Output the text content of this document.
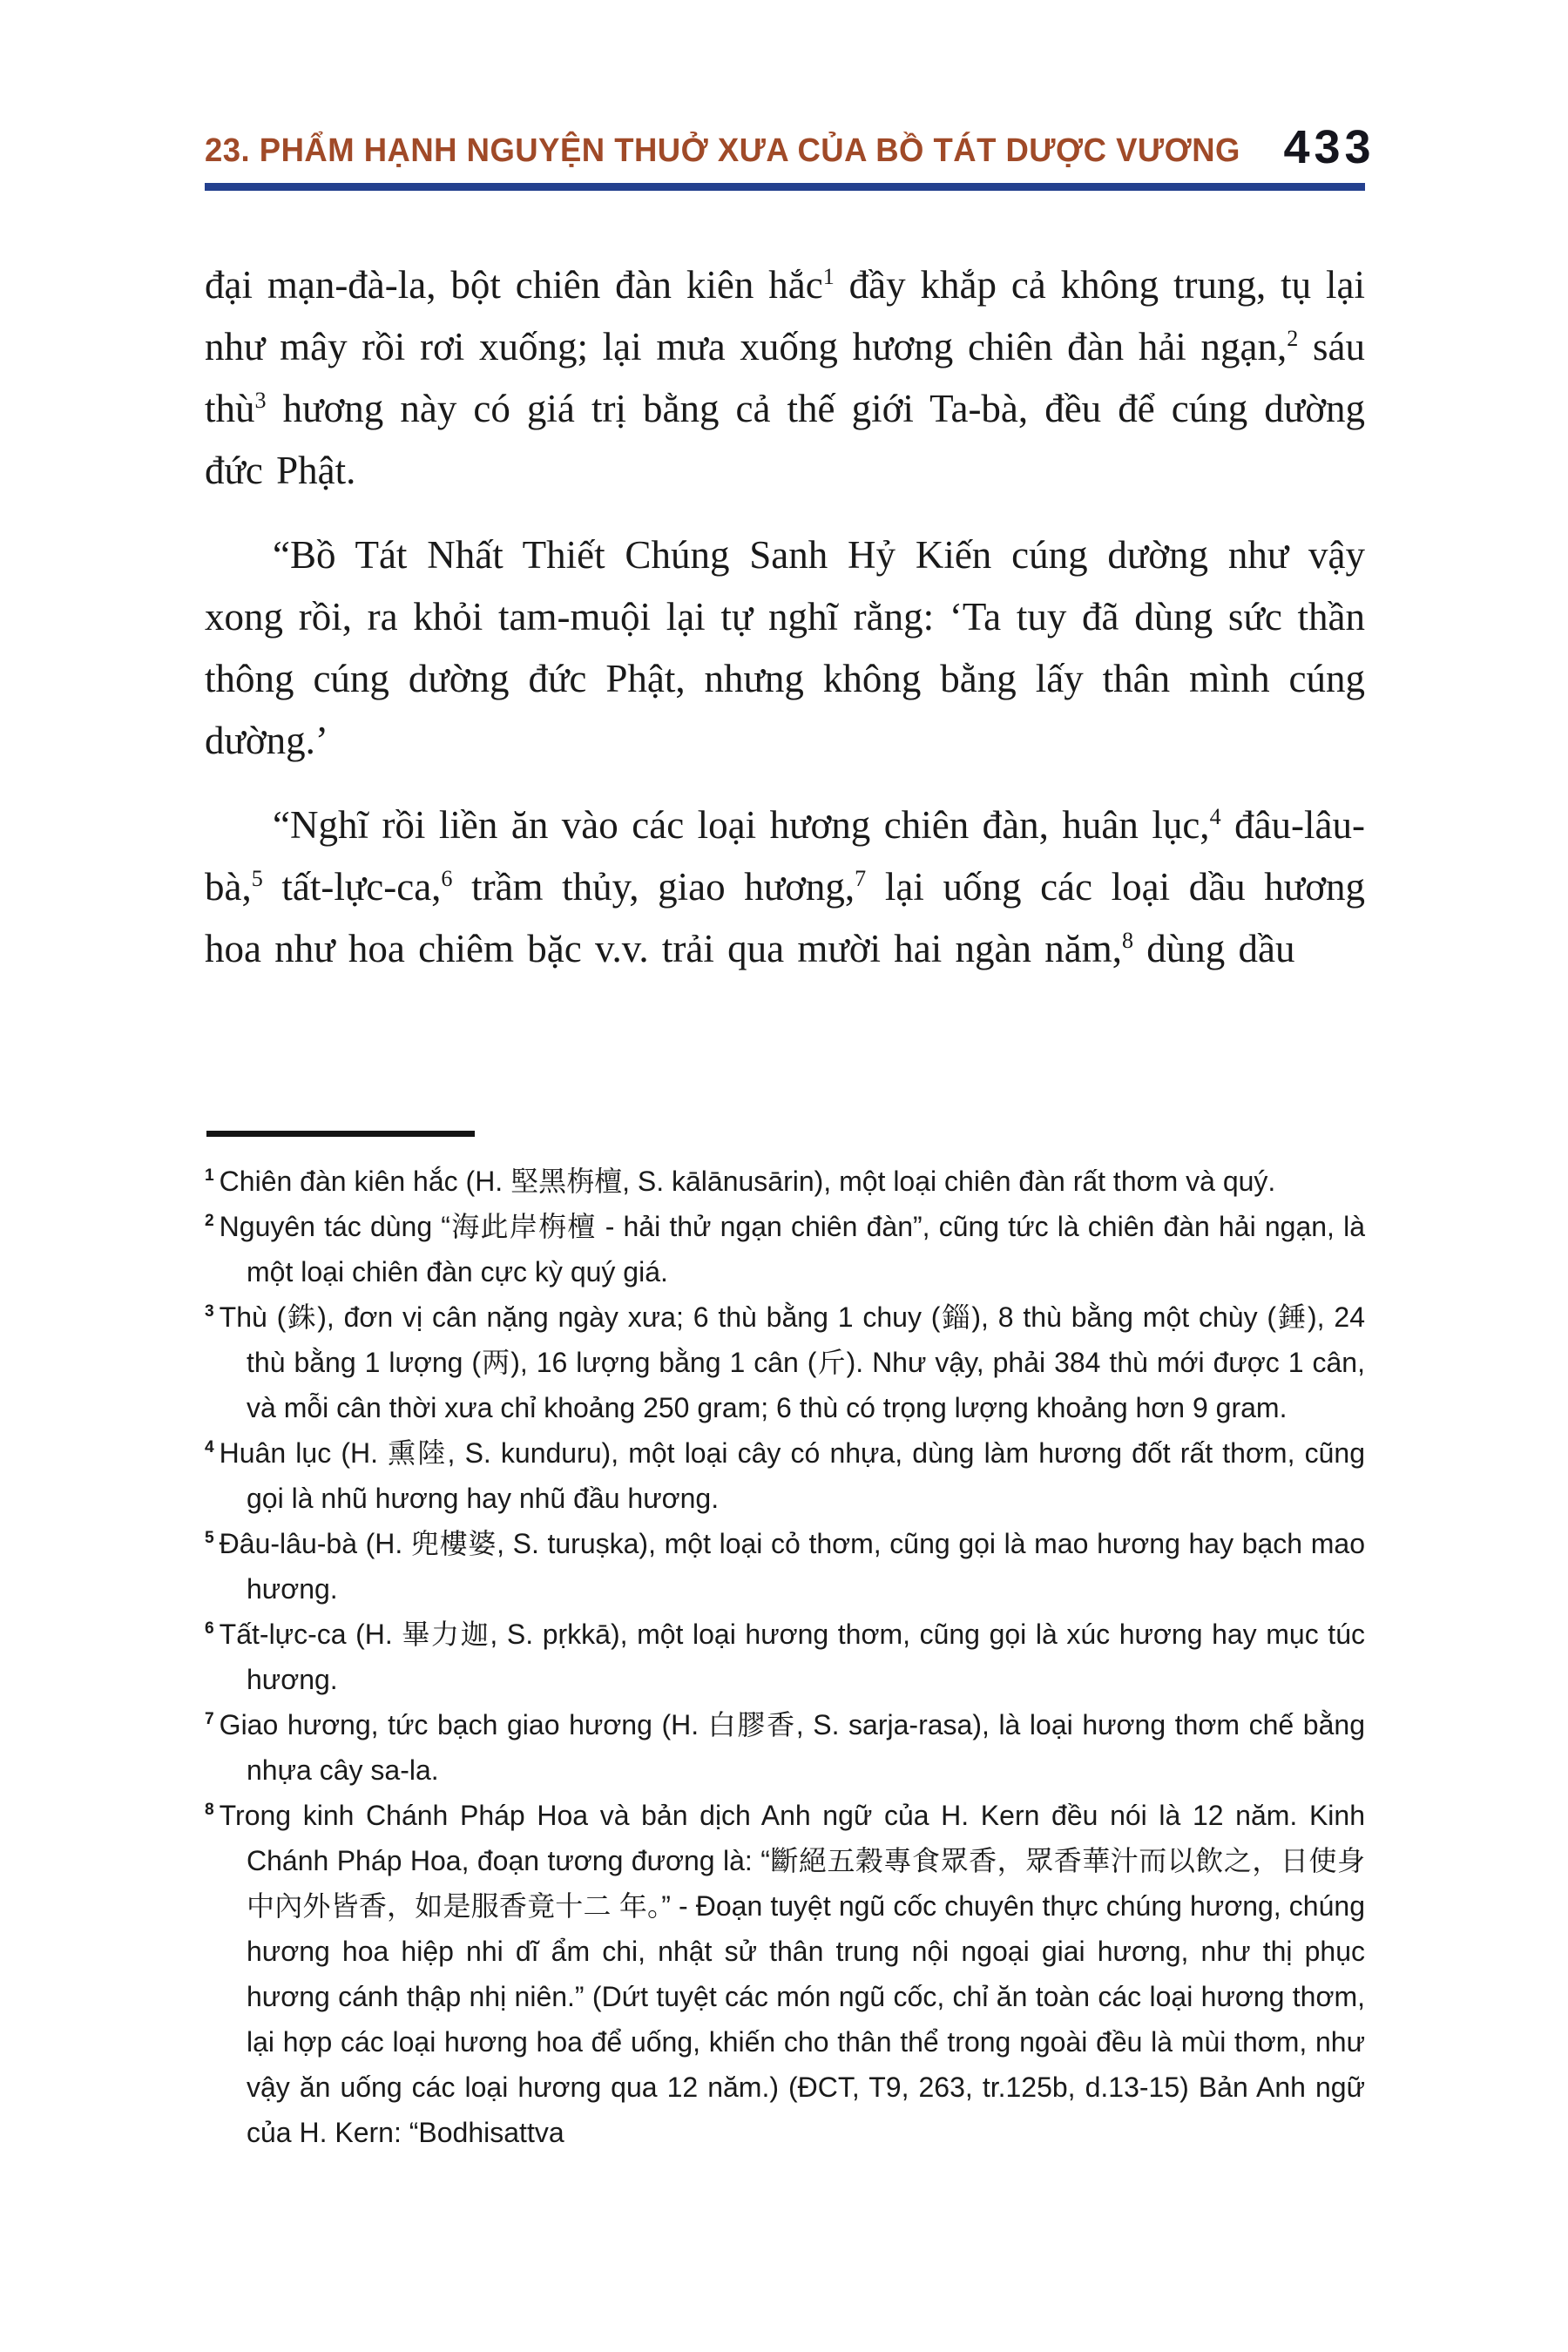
23. PHẨM HẠNH NGUYỆN THUỞ XƯA CỦA BỒ TÁT DƯỢC VƯƠNG 433

đại mạn-đà-la, bột chiên đàn kiên hắc$^1$ đầy khắp cả không trung, tụ lại như mây rồi rơi xuống; lại mưa xuống hương chiên đàn hải ngạn,$^2$ sáu thù$^3$ hương này có giá trị bằng cả thế giới Ta-bà, đều để cúng dường đức Phật.

“Bồ Tát Nhất Thiết Chúng Sanh Hỷ Kiến cúng dường như vậy xong rồi, ra khỏi tam-muội lại tự nghĩ rằng: ‘Ta tuy đã dùng sức thần thông cúng dường đức Phật, nhưng không bằng lấy thân mình cúng dường.’

“Nghĩ rồi liền ăn vào các loại hương chiên đàn, huân lục,$^4$ đâu-lâu-bà,$^5$ tất-lực-ca,$^6$ trầm thủy, giao hương,$^7$ lại uống các loại dầu hương hoa như hoa chiêm bặc v.v. trải qua mười hai ngàn năm,$^8$ dùng dầu

$^1$ Chiên đàn kiên hắc (H. 堅黑栴檀, S. kālānusārin), một loại chiên đàn rất thơm và quý.
$^2$ Nguyên tác dùng “海此岸栴檀 - hải thử ngạn chiên đàn”, cũng tức là chiên đàn hải ngạn, là một loại chiên đàn cực kỳ quý giá.
$^3$ Thù (銖), đơn vị cân nặng ngày xưa; 6 thù bằng 1 chuy (錙), 8 thù bằng một chùy (錘), 24 thù bằng 1 lượng (两), 16 lượng bằng 1 cân (斤). Như vậy, phải 384 thù mới được 1 cân, và mỗi cân thời xưa chỉ khoảng 250 gram; 6 thù có trọng lượng khoảng hơn 9 gram.
$^4$ Huân lục (H. 熏陸, S. kunduru), một loại cây có nhựa, dùng làm hương đốt rất thơm, cũng gọi là nhũ hương hay nhũ đầu hương.
$^5$ Đâu-lâu-bà (H. 兜樓婆, S. turuṣka), một loại cỏ thơm, cũng gọi là mao hương hay bạch mao hương.
$^6$ Tất-lực-ca (H. 畢力迦, S. pṛkkā), một loại hương thơm, cũng gọi là xúc hương hay mục túc hương.
$^7$ Giao hương, tức bạch giao hương (H. 白膠香, S. sarja-rasa), là loại hương thơm chế bằng nhựa cây sa-la.
$^8$ Trong kinh Chánh Pháp Hoa và bản dịch Anh ngữ của H. Kern đều nói là 12 năm. Kinh Chánh Pháp Hoa, đoạn tương đương là: “斷絕五穀專食眾香，眾香華汁而以飲之，日使身中內外皆香，如是服香竟十二 年。” - Đoạn tuyệt ngũ cốc chuyên thực chúng hương, chúng hương hoa hiệp nhi dĩ ẩm chi, nhật sử thân trung nội ngoại giai hương, như thị phục hương cánh thập nhị niên.” (Dứt tuyệt các món ngũ cốc, chỉ ăn toàn các loại hương thơm, lại hợp các loại hương hoa để uống, khiến cho thân thể trong ngoài đều là mùi thơm, như vậy ăn uống các loại hương qua 12 năm.) (ĐCT, T9, 263, tr.125b, d.13-15) Bản Anh ngữ của H. Kern: “Bodhisattva
